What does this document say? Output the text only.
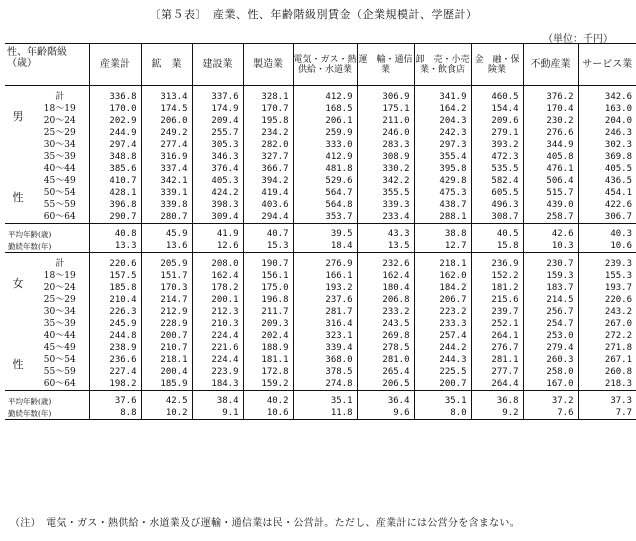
〔第５表〕　産業、性、年齢階級別賃金（企業規模計、学歴計）
（単位：千円）
性、年齢階級
（歳）		産業計	鉱　業	建設業	製造業	電気・ガス・熱供給・水道業	運　輸・通信業	卸　売・小売業・飲食店	金　融・保険業	不動産業	サービス業

男
性	計	336.8	313.4	337.6	328.1	412.9	306.9	341.9	460.5	376.2	342.6
	18～19	170.0	174.5	174.9	170.7	168.5	175.1	164.2	154.4	170.4	163.0
	20～24	202.9	206.0	209.4	195.8	206.1	211.0	204.3	209.6	230.2	204.0
	25～29	244.9	249.2	255.7	234.2	259.9	246.0	242.3	279.1	276.6	246.3
	30～34	297.4	277.4	305.3	282.0	333.0	283.3	297.3	393.2	344.9	302.3
	35～39	348.8	316.9	346.3	327.7	412.9	308.9	355.4	472.3	405.8	369.8
	40～44	385.6	337.4	376.4	366.7	481.8	330.2	395.8	535.5	476.1	405.5
	45～49	410.7	342.1	405.3	394.2	529.6	342.2	429.8	582.4	506.4	436.5
	50～54	428.1	339.1	424.2	419.4	564.7	355.5	475.3	605.5	515.7	454.1
	55～59	396.8	339.8	398.3	403.6	564.8	339.3	438.7	496.3	439.0	422.6
	60～64	290.7	280.7	309.4	294.4	353.7	233.4	288.1	308.7	258.7	306.7
平均年齢(歳)		40.8	45.9	41.9	40.7	39.5	43.3	38.8	40.5	42.6	40.3
勤続年数(年)		13.3	13.6	12.6	15.3	18.4	13.5	12.7	15.8	10.3	10.6

女
性	計	220.6	205.9	208.0	190.7	276.9	232.6	218.1	236.9	230.7	239.3
	18～19	157.5	151.7	162.4	156.1	166.1	162.4	162.0	152.2	159.3	155.3
	20～24	185.8	170.3	178.2	175.0	193.2	180.4	184.2	181.2	183.7	193.7
	25～29	210.4	214.7	200.1	196.8	237.6	206.8	206.7	215.6	214.5	220.6
	30～34	226.3	212.9	212.3	211.7	281.7	233.2	223.2	239.7	256.7	243.2
	35～39	245.9	228.9	210.3	209.3	316.4	243.5	233.3	252.1	254.7	267.0
	40～44	244.8	200.7	224.4	202.4	323.1	269.8	257.4	264.1	253.0	272.2
	45～49	238.9	210.7	221.6	188.9	339.4	278.5	244.2	276.7	279.4	271.8
	50～54	236.6	218.1	224.4	181.1	368.0	281.0	244.3	281.1	260.3	267.1
	55～59	227.4	200.4	223.9	172.8	378.5	265.4	225.5	277.7	258.0	260.8
	60～64	198.2	185.9	184.3	159.2	274.8	206.5	200.7	264.4	167.0	218.3
平均年齢(歳)		37.6	42.5	38.4	40.2	35.1	36.4	35.1	36.8	37.2	37.3
勤続年数(年)		8.8	10.2	9.1	10.6	11.8	9.6	8.0	9.2	7.6	7.7
（注）　電気・ガス・熱供給・水道業及び運輸・通信業は民・公営計。ただし、産業計には公営分を含まない。
